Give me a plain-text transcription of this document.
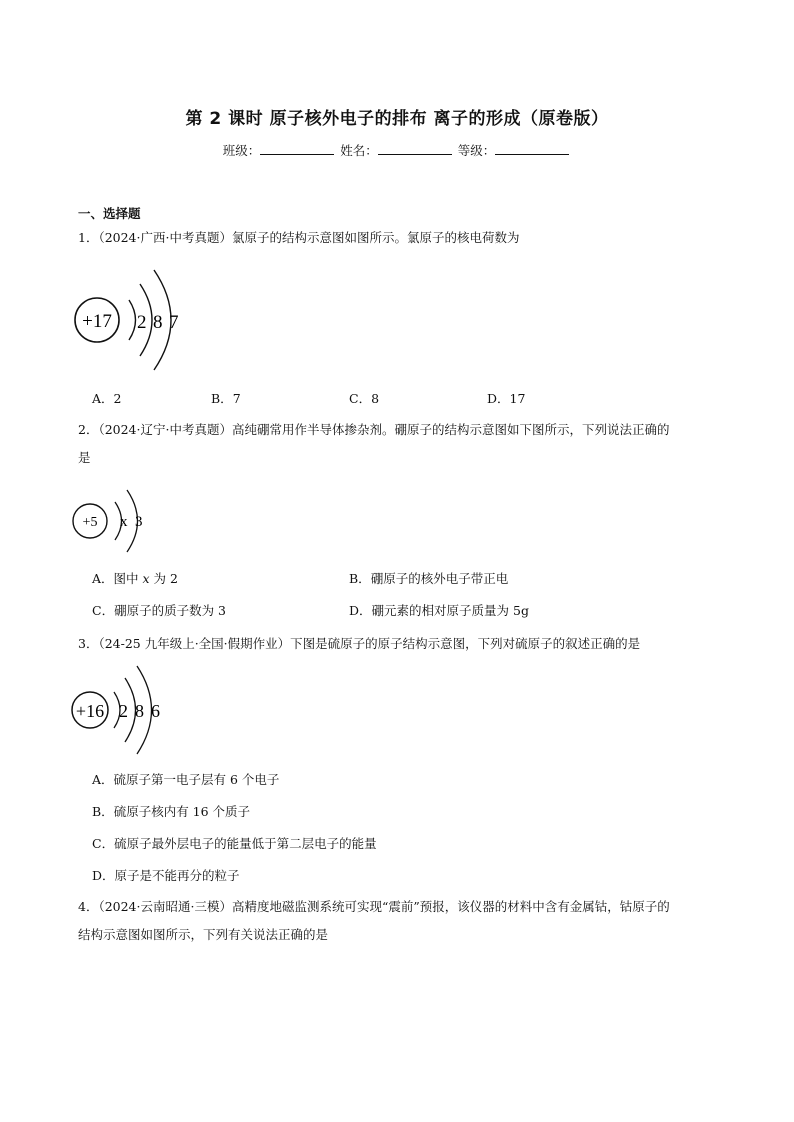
第 2 课时 原子核外电子的排布 离子的形成（原卷版）
班级：	姓名：	等级：
一、选择题
1．（2024·广西·中考真题）氯原子的结构示意图如图所示。氯原子的核电荷数为
+17 2 8 7
A．2	B．7	C．8	D．17
2．（2024·辽宁·中考真题）高纯硼常用作半导体掺杂剂。硼原子的结构示意图如下图所示，下列说法正确的
是
+5 x 3
A．图中 x 为 2	B．硼原子的核外电子带正电
C．硼原子的质子数为 3	D．硼元素的相对原子质量为 5g
3．（24-25 九年级上·全国·假期作业）下图是硫原子的原子结构示意图，下列对硫原子的叙述正确的是
+16 2 8 6
A．硫原子第一电子层有 6 个电子
B．硫原子核内有 16 个质子
C．硫原子最外层电子的能量低于第二层电子的能量
D．原子是不能再分的粒子
4．（2024·云南昭通·三模）高精度地磁监测系统可实现“震前”预报，该仪器的材料中含有金属钴，钴原子的
结构示意图如图所示，下列有关说法正确的是
